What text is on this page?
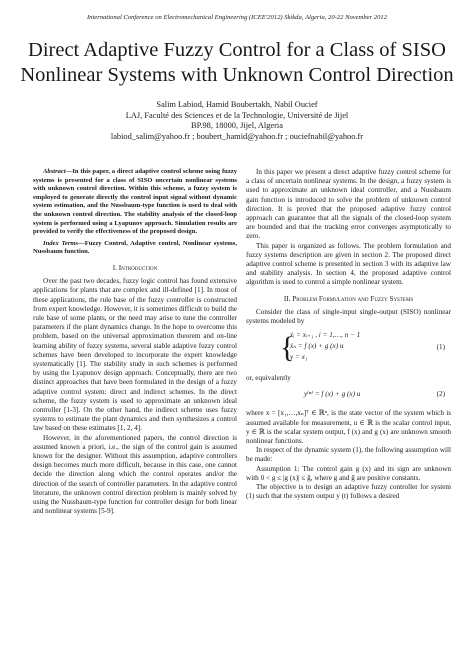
International Conference on Electromechanical Engineering (ICEE'2012) Skikda, Algeria, 20-22 November 2012
Direct Adaptive Fuzzy Control for a Class of SISO Nonlinear Systems with Unknown Control Direction
Salim Labiod, Hamid Boubertakh, Nabil Oucief
LAJ, Faculté des Sciences et de la Technologie, Université de Jijel
BP.98, 18000, Jijel, Algeria
labiod_salim@yahoo.fr ; boubert_hamid@yahoo.fr ; ouciefnabil@yahoo.fr

Abstract—In this paper, a direct adaptive control scheme using fuzzy systems is presented for a class of SISO uncertain nonlinear systems with unknown control direction. Within this scheme, a fuzzy system is employed to generate directly the control input signal without dynamic system estimation, and the Nussbaum-type function is used to deal with the unknown control direction. The stability analysis of the closed-loop system is performed using a Lyapunov approach. Simulation results are provided to verify the effectiveness of the proposed design.

Index Terms—Fuzzy Control, Adaptive control, Nonlinear systems, Nussbaum function.

I. Introduction

Over the past two decades, fuzzy logic control has found extensive applications for plants that are complex and ill-defined [1]. In most of these applications, the rule base of the fuzzy controller is constructed from expert knowledge. However, it is sometimes difficult to build the rule base of some plants, or the need may arise to tune the controller parameters if the plant dynamics change. In the hope to overcome this problem, based on the universal approximation theorem and on-line learning ability of fuzzy systems, several stable adaptive fuzzy control schemes have been developed to incorporate the expert knowledge systematically [1]. The stability study in such schemes is performed by using the Lyapunov design approach. Conceptually, there are two distinct approaches that have been formulated in the design of a fuzzy adaptive control system: direct and indirect schemes. In the direct scheme, the fuzzy system is used to approximate an unknown ideal controller [1-3]. On the other hand, the indirect scheme uses fuzzy systems to estimate the plant dynamics and then synthesizes a control law based on these estimates [1, 2, 4].

However, in the aforementioned papers, the control direction is assumed known a priori, i.e., the sign of the control gain is assumed known for the designer. Without this assumption, adaptive controllers design becomes much more difficult, because in this case, one cannot decide the direction along which the control operates and/or the direction of the search of controller parameters. In the adaptive control literature, the unknown control direction problem is mainly solved by using the Nussbaum-type function for controller design for both linear and nonlinear systems [5-9].

In this paper we present a direct adaptive fuzzy control scheme for a class of uncertain nonlinear systems. In the design, a fuzzy system is used to approximate an unknown ideal controller, and a Nussbaum gain function is introduced to solve the problem of unknown control direction. It is proved that the proposed adaptive fuzzy control approach can guarantee that all the signals of the closed-loop system are bounded and that the tracking error converges asymptotically to zero.

This paper is organized as follows. The problem formulation and fuzzy systems description are given in section 2. The proposed direct adaptive control scheme is presented in section 3 with its adaptive law and stability analysis. In section 4, the proposed adaptive control algorithm is used to control a simple nonlinear system.

II. Problem Formulation and Fuzzy Systems

Consider the class of single-input single-output (SISO) nonlinear systems modeled by

{
ẋᵢ = xᵢ₊₁ , i = 1,…, n − 1
ẋₙ = f (x) + g (x) u
y = x₁
(1)

or, equivalently

y⁽ⁿ⁾ = f (x) + g (x) u	(2)

where x = [x₁,…,xₙ]ᵀ ∈ ℝⁿ, is the state vector of the system which is assumed available for measurement, u ∈ ℝ is the scalar control input, y ∈ ℝ is the scalar system output, f (x) and g (x) are unknown smooth nonlinear functions.

In respect of the dynamic system (1), the following assumption will be made:

Assumption 1: The control gain g (x) and its sign are unknown with 0 < g ≤ |g (x)| ≤ ḡ, where g and ḡ are positive constants.

The objective is to design an adaptive fuzzy controller for system (1) such that the system output y (t) follows a desired
